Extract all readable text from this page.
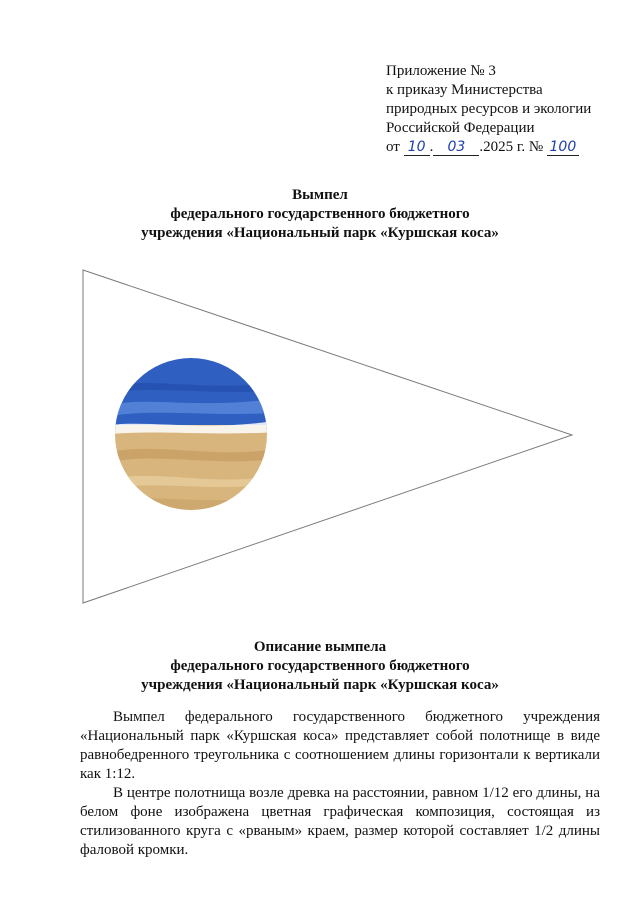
Приложение № 3
к приказу Министерства
природных ресурсов и экологии
Российской Федерации
от 10 . 03 .2025 г. № 100
Вымпел
федерального государственного бюджетного
учреждения «Национальный парк «Куршская коса»
Описание вымпела
федерального государственного бюджетного
учреждения «Национальный парк «Куршская коса»

Вымпел федерального государственного бюджетного учреждения «Национальный парк «Куршская коса» представляет собой полотнище в виде равнобедренного треугольника с соотношением длины горизонтали к вертикали как 1:12.

В центре полотнища возле древка на расстоянии, равном 1/12 его длины, на белом фоне изображена цветная графическая композиция, состоящая из стилизованного круга с «рваным» краем, размер которой составляет 1/2 длины фаловой кромки.
